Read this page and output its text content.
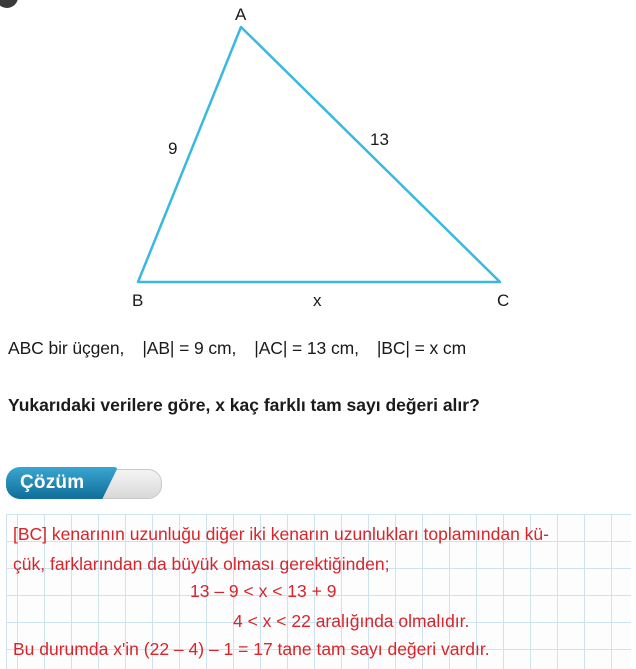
A
B	C
9	13
x
ABC bir üçgen, |AB| = 9 cm, |AC| = 13 cm, |BC| = x cm
Yukarıdaki verilere göre, x kaç farklı tam sayı değeri alır?
Çözüm
[BC] kenarının uzunluğu diğer iki kenarın uzunlukları toplamından kü-
çük, farklarından da büyük olması gerektiğinden;
13 – 9 < x < 13 + 9
4 < x < 22 aralığında olmalıdır.
Bu durumda x'in (22 – 4) – 1 = 17 tane tam sayı değeri vardır.
